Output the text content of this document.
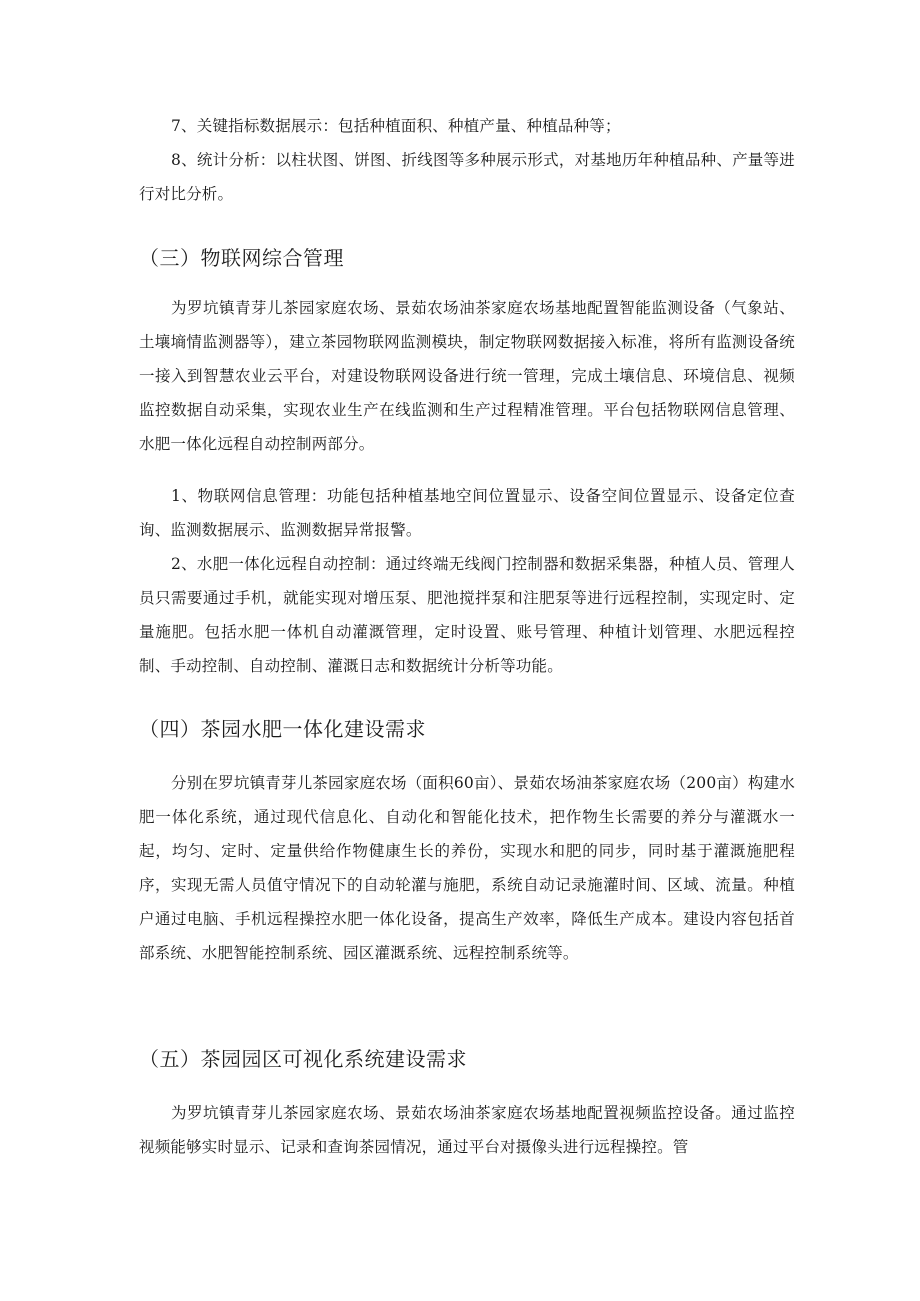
7、关键指标数据展示：包括种植面积、种植产量、种植品种等；

8、统计分析：以柱状图、饼图、折线图等多种展示形式，对基地历年种植品种、产量等进行对比分析。

（三）物联网综合管理

为罗坑镇青芽儿茶园家庭农场、景茹农场油茶家庭农场基地配置智能监测设备（气象站、土壤墒情监测器等），建立茶园物联网监测模块，制定物联网数据接入标准，将所有监测设备统一接入到智慧农业云平台，对建设物联网设备进行统一管理，完成土壤信息、环境信息、视频监控数据自动采集，实现农业生产在线监测和生产过程精准管理。平台包括物联网信息管理、水肥一体化远程自动控制两部分。

1、物联网信息管理：功能包括种植基地空间位置显示、设备空间位置显示、设备定位查询、监测数据展示、监测数据异常报警。

2、水肥一体化远程自动控制：通过终端无线阀门控制器和数据采集器，种植人员、管理人员只需要通过手机，就能实现对增压泵、肥池搅拌泵和注肥泵等进行远程控制，实现定时、定量施肥。包括水肥一体机自动灌溉管理，定时设置、账号管理、种植计划管理、水肥远程控制、手动控制、自动控制、灌溉日志和数据统计分析等功能。

（四）茶园水肥一体化建设需求

分别在罗坑镇青芽儿茶园家庭农场（面积60亩）、景茹农场油茶家庭农场（200亩）构建水肥一体化系统，通过现代信息化、自动化和智能化技术，把作物生长需要的养分与灌溉水一起，均匀、定时、定量供给作物健康生长的养份，实现水和肥的同步，同时基于灌溉施肥程序，实现无需人员值守情况下的自动轮灌与施肥，系统自动记录施灌时间、区域、流量。种植户通过电脑、手机远程操控水肥一体化设备，提高生产效率，降低生产成本。建设内容包括首部系统、水肥智能控制系统、园区灌溉系统、远程控制系统等。

（五）茶园园区可视化系统建设需求

为罗坑镇青芽儿茶园家庭农场、景茹农场油茶家庭农场基地配置视频监控设备。通过监控视频能够实时显示、记录和查询茶园情况，通过平台对摄像头进行远程操控。管
